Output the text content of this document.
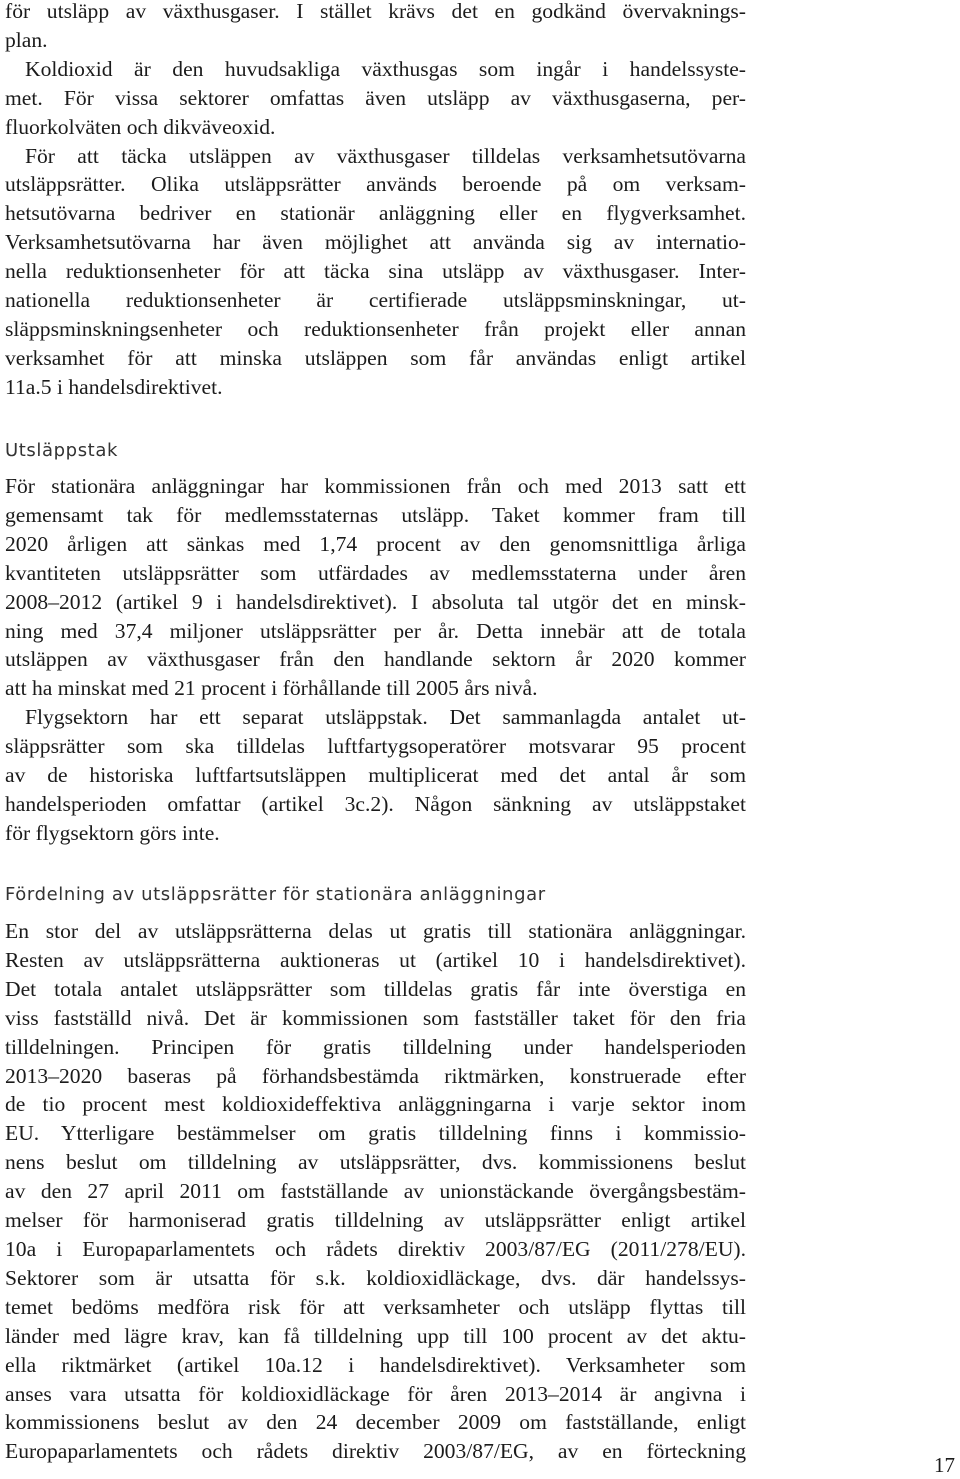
för utsläpp av växthusgaser. I stället krävs det en godkänd övervaknings-
plan.
Koldioxid är den huvudsakliga växthusgas som ingår i handelssyste-
met. För vissa sektorer omfattas även utsläpp av växthusgaserna, per-
fluorkolväten och dikväveoxid.
För att täcka utsläppen av växthusgaser tilldelas verksamhetsutövarna
utsläppsrätter. Olika utsläppsrätter används beroende på om verksam-
hetsutövarna bedriver en stationär anläggning eller en flygverksamhet.
Verksamhetsutövarna har även möjlighet att använda sig av internatio-
nella reduktionsenheter för att täcka sina utsläpp av växthusgaser. Inter-
nationella reduktionsenheter är certifierade utsläppsminskningar, ut-
släppsminskningsenheter och reduktionsenheter från projekt eller annan
verksamhet för att minska utsläppen som får användas enligt artikel
11a.5 i handelsdirektivet.
Utsläppstak
För stationära anläggningar har kommissionen från och med 2013 satt ett
gemensamt tak för medlemsstaternas utsläpp. Taket kommer fram till
2020 årligen att sänkas med 1,74 procent av den genomsnittliga årliga
kvantiteten utsläppsrätter som utfärdades av medlemsstaterna under åren
2008–2012 (artikel 9 i handelsdirektivet). I absoluta tal utgör det en minsk-
ning med 37,4 miljoner utsläppsrätter per år. Detta innebär att de totala
utsläppen av växthusgaser från den handlande sektorn år 2020 kommer
att ha minskat med 21 procent i förhållande till 2005 års nivå.
Flygsektorn har ett separat utsläppstak. Det sammanlagda antalet ut-
släppsrätter som ska tilldelas luftfartygsoperatörer motsvarar 95 procent
av de historiska luftfartsutsläppen multiplicerat med det antal år som
handelsperioden omfattar (artikel 3c.2). Någon sänkning av utsläppstaket
för flygsektorn görs inte.
Fördelning av utsläppsrätter för stationära anläggningar
En stor del av utsläppsrätterna delas ut gratis till stationära anläggningar.
Resten av utsläppsrätterna auktioneras ut (artikel 10 i handelsdirektivet).
Det totala antalet utsläppsrätter som tilldelas gratis får inte överstiga en
viss fastställd nivå. Det är kommissionen som fastställer taket för den fria
tilldelningen. Principen för gratis tilldelning under handelsperioden
2013–2020 baseras på förhandsbestämda riktmärken, konstruerade efter
de tio procent mest koldioxideffektiva anläggningarna i varje sektor inom
EU. Ytterligare bestämmelser om gratis tilldelning finns i kommissio-
nens beslut om tilldelning av utsläppsrätter, dvs. kommissionens beslut
av den 27 april 2011 om fastställande av unionstäckande övergångsbestäm-
melser för harmoniserad gratis tilldelning av utsläppsrätter enligt artikel
10a i Europaparlamentets och rådets direktiv 2003/87/EG (2011/278/EU).
Sektorer som är utsatta för s.k. koldioxidläckage, dvs. där handelssys-
temet bedöms medföra risk för att verksamheter och utsläpp flyttas till
länder med lägre krav, kan få tilldelning upp till 100 procent av det aktu-
ella riktmärket (artikel 10a.12 i handelsdirektivet). Verksamheter som
anses vara utsatta för koldioxidläckage för åren 2013–2014 är angivna i
kommissionens beslut av den 24 december 2009 om fastställande, enligt
Europaparlamentets och rådets direktiv 2003/87/EG, av en förteckning
17
